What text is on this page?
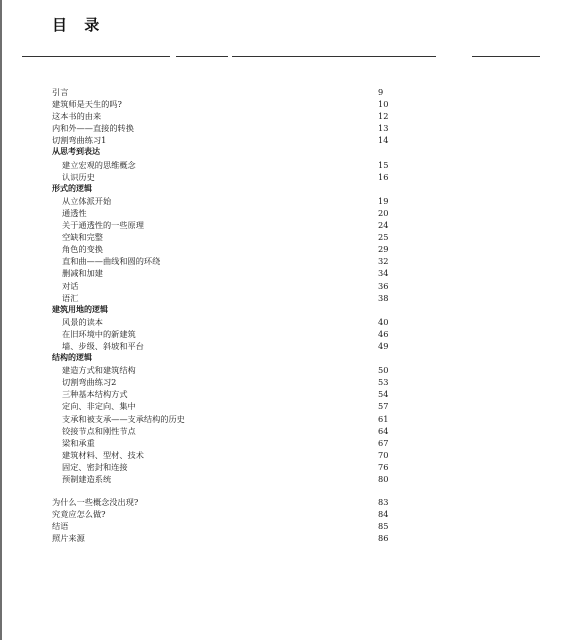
目 录
引言	9
建筑师是天生的吗?	10
这本书的由来	12
内和外——直接的转换	13
切割弯曲练习1	14
从思考到表达
建立宏观的思维概念	15
认识历史	16
形式的逻辑
从立体派开始	19
通透性	20
关于通透性的一些原理	24
空缺和完整	25
角色的变换	29
直和曲——曲线和圆的环绕	32
删减和加建	34
对话	36
语汇	38
建筑用地的逻辑
风景的读本	40
在旧环境中的新建筑	46
墙、步级、斜坡和平台	49
结构的逻辑
建造方式和建筑结构	50
切割弯曲练习2	53
三种基本结构方式	54
定向、非定向、集中	57
支承和被支承——支承结构的历史	61
铰接节点和刚性节点	64
梁和承重	67
建筑材料、型材、技术	70
固定、密封和连接	76
预制建造系统	80
为什么一些概念没出现?	83
究竟应怎么做?	84
结语	85
照片来源	86
